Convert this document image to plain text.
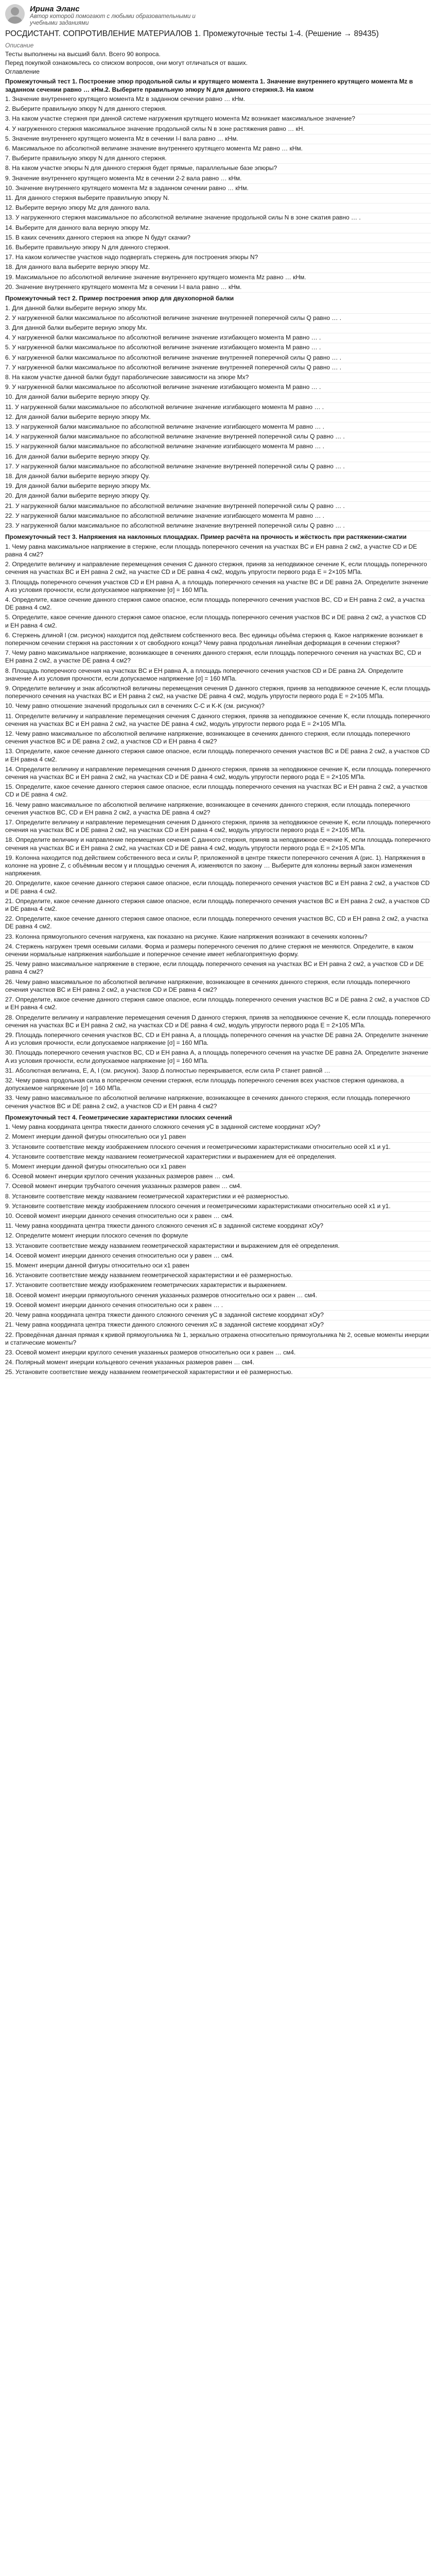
Ирина Эланс
Автор которой помогают с любыми образовательными и учебными заданиями
РОСДИСТАНТ. СОПРОТИВЛЕНИЕ МАТЕРИАЛОВ 1. Промежуточные тесты 1-4. (Решение → 89435)
Описание
Тесты выполнены на высший балл. Всего 90 вопроса.
Перед покупкой ознакомьтесь со списком вопросов, они могут отличаться от ваших.
Оглавление
Промежуточный тест 1. Построение эпюр продольной силы и крутящего момента 1. Значение внутреннего крутящего момента Mz в заданном сечении равно … кНм.2. Выберите правильную эпюру N для данного стержня.3. На каком
1 . Значение внутреннего крутящего момента Mz в заданном сечении равно … кНм.
2 . Выберите правильную эпюру N для данного стержня.
3 . На каком участке стержня при данной системе нагружения крутящего момента Mz возникает максимальное значение?
4 . У нагруженного стержня максимальное значение продольной силы N в зоне растяжения равно … кН.
5 . Значение внутреннего крутящего момента Mz в сечении I-I вала равно … кНм.
6 . Максимальное по абсолютной величине значение внутреннего крутящего момента Mz равно … кНм.
7 . Выберите правильную эпюру N для данного стержня.
8 . На каком участке эпюры N для данного стержня будет прямые, параллельные базе эпюры?
9 . Значение внутреннего крутящего момента Mz в сечении 2-2 вала равно … кНм.
10 . Значение внутреннего крутящего момента Mz в заданном сечении равно … кНм.
11 . Для данного стержня выберите правильную эпюру N.
12 . Выберите верную эпюру Mz для данного вала.
13 . У нагруженного стержня максимальное по абсолютной величине значение продольной силы N в зоне сжатия равно … .
14 . Выберите для данного вала верную эпюру Mz.
15 . В каких сечениях данного стержня на эпюре N будут скачки?
16 . Выберите правильную эпюру N для данного стержня.
17 . На каком количестве участков надо подвергать стержень для построения эпюры N?
18 . Для данного вала выберите верную эпюру Mz.
19 . Максимальное по абсолютной величине значение внутреннего крутящего момента Mz равно … кНм.
20 . Значение внутреннего крутящего момента Mz в сечении I-I вала равно … кНм.
Промежуточный тест 2. Пример построения эпюр для двухопорной балки
1 . Для данной балки выберите верную эпюру Mx.
2 . У нагруженной балки максимальное по абсолютной величине значение внутренней поперечной силы Q равно … .
3 . Для данной балки выберите верную эпюру Mx.
4 . У нагруженной балки максимальное по абсолютной величине значение изгибающего момента M равно … .
5 . У нагруженной балки максимальное по абсолютной величине значение изгибающего момента M равно … .
6 . У нагруженной балки максимальное по абсолютной величине значение внутренней поперечной силы Q равно … .
7 . У нагруженной балки максимальное по абсолютной величине значение внутренней поперечной силы Q равно … .
8 . На каком участке данной балки будут параболические зависимости на эпюре Mx?
9 . У нагруженной балки максимальное по абсолютной величине значение изгибающего момента M равно … .
10 . Для данной балки выберите верную эпюру Qy.
11 . У нагруженной балки максимальное по абсолютной величине значение изгибающего момента M равно … .
12 . Для данной балки выберите верную эпюру Mx.
13 . У нагруженной балки максимальное по абсолютной величине значение изгибающего момента M равно … .
14 . У нагруженной балки максимальное по абсолютной величине значение внутренней поперечной силы Q равно … .
15 . У нагруженной балки максимальное по абсолютной величине значение изгибающего момента M равно … .
16 . Для данной балки выберите верную эпюру Qy.
17 . У нагруженной балки максимальное по абсолютной величине значение внутренней поперечной силы Q равно … .
18 . Для данной балки выберите верную эпюру Qy.
19 . Для данной балки выберите верную эпюру Mx.
20 . Для данной балки выберите верную эпюру Qy.
21 . У нагруженной балки максимальное по абсолютной величине значение внутренней поперечной силы Q равно … .
22 . У нагруженной балки максимальное по абсолютной величине значение изгибающего момента M равно … .
23 . У нагруженной балки максимальное по абсолютной величине значение внутренней поперечной силы Q равно … .
Промежуточный тест 3. Напряжения на наклонных площадках. Пример расчёта на прочность и жёсткость при растяжении-сжатии
1 . Чему равна максимальное напряжение в стержне, если площадь поперечного сечения на участках BC и EH равна 2 см2, а участке CD и DE равна 4 см2?
2 . Определите величину и направление перемещения сечения C данного стержня, приняв за неподвижное сечение K, если площадь поперечного сечения на участках BC и EH равна 2 см2, на участке CD и DE равна 4 см2, модуль упругости первого рода E = 2×105 МПа.
3 . Площадь поперечного сечения участков CD и EH равна A, а площадь поперечного сечения на участке BC и DE равна 2A. Определите значение A из условия прочности, если допускаемое напряжение [σ] = 160 МПа.
4 . Определите, какое сечение данного стержня самое опасное, если площадь поперечного сечения участков BC, CD и EH равна 2 см2, а участка DE равна 4 см2.
5 . Определите, какое сечение данного стержня самое опасное, если площадь поперечного сечения участков BC и DE равна 2 см2, а участков CD и EH равна 4 см2.
6 . Стержень длиной l (см. рисунок) находится под действием собственного веса. Вес единицы объёма стержня q. Какое напряжение возникает в поперечном сечении стержня на расстоянии x от свободного конца? Чему равна продольная линейная деформация в сечении стержня?
7 . Чему равно максимальное напряжение, возникающее в сечениях данного стержня, если площадь поперечного сечения на участках BC, CD и EH равна 2 см2, а участке DE равна 4 см2?
8 . Площадь поперечного сечения на участках BC и EH равна A, а площадь поперечного сечения участков CD и DE равна 2A. Определите значение A из условия прочности, если допускаемое напряжение [σ] = 160 МПа.
9 . Определите величину и знак абсолютной величины перемещения сечения D данного стержня, приняв за неподвижное сечение K, если площадь поперечного сечения на участках BC и EH равна 2 см2, на участке DE равна 4 см2, модуль упругости первого рода E = 2×105 МПа.
10 . Чему равно отношение значений продольных сил в сечениях C-C и K-K (см. рисунок)?
11 . Определите величину и направление перемещения сечения C данного стержня, приняв за неподвижное сечение K, если площадь поперечного сечения на участках BC и EH равна 2 см2, на участке DE равна 4 см2, модуль упругости первого рода E = 2×105 МПа.
12 . Чему равно максимальное по абсолютной величине напряжение, возникающее в сечениях данного стержня, если площадь поперечного сечения участков BC и DE равна 2 см2, а участков CD и EH равна 4 см2?
13 . Определите, какое сечение данного стержня самое опасное, если площадь поперечного сечения участков BC и DE равна 2 см2, а участков CD и EH равна 4 см2.
14 . Определите величину и направление перемещения сечения D данного стержня, приняв за неподвижное сечение K, если площадь поперечного сечения на участках BC и EH равна 2 см2, на участках CD и DE равна 4 см2, модуль упругости первого рода E = 2×105 МПа.
15 . Определите, какое сечение данного стержня самое опасное, если площадь поперечного сечения на участках BC и EH равна 2 см2, а участков CD и DE равна 4 см2.
16 . Чему равно максимальное по абсолютной величине напряжение, возникающее в сечениях данного стержня, если площадь поперечного сечения участков BC, CD и EH равна 2 см2, а участка DE равна 4 см2?
17 . Определите величину и направление перемещения сечения D данного стержня, приняв за неподвижное сечение K, если площадь поперечного сечения на участках BC и DE равна 2 см2, на участках CD и EH равна 4 см2, модуль упругости первого рода E = 2×105 МПа.
18 . Определите величину и направление перемещения сечения C данного стержня, приняв за неподвижное сечение K, если площадь поперечного сечения на участках BC и EH равна 2 см2, на участках CD и DE равна 4 см2, модуль упругости первого рода E = 2×105 МПа.
19 . Колонна находится под действием собственного веса и силы P, приложенной в центре тяжести поперечного сечения A (рис. 1). Напряжения в колонне на уровне Z, с объёмным весом γ и площадью сечения A, изменяются по закону … Выберите для колонны верный закон изменения напряжения.
20 . Определите, какое сечение данного стержня самое опасное, если площадь поперечного сечения участков BC и EH равна 2 см2, а участков CD и DE равна 4 см2.
21 . Определите, какое сечение данного стержня самое опасное, если площадь поперечного сечения участков BC и EH равна 2 см2, а участков CD и DE равна 4 см2.
22 . Определите, какое сечение данного стержня самое опасное, если площадь поперечного сечения участков BC, CD и EH равна 2 см2, а участка DE равна 4 см2.
23 . Колонна прямоугольного сечения нагружена, как показано на рисунке. Какие напряжения возникают в сечениях колонны?
24 . Стержень нагружен тремя осевыми силами. Форма и размеры поперечного сечения по длине стержня не меняются. Определите, в каком сечении нормальные напряжения наибольшие и поперечное сечение имеет неблагоприятную форму.
25 . Чему равно максимальное напряжение в стержне, если площадь поперечного сечения на участках BC и EH равна 2 см2, а участков CD и DE равна 4 см2?
26 . Чему равно максимальное по абсолютной величине напряжение, возникающее в сечениях данного стержня, если площадь поперечного сечения участков BC и EH равна 2 см2, а участков CD и DE равна 4 см2?
27 . Определите, какое сечение данного стержня самое опасное, если площадь поперечного сечения участков BC и DE равна 2 см2, а участков CD и EH равна 4 см2.
28 . Определите величину и направление перемещения сечения D данного стержня, приняв за неподвижное сечение K, если площадь поперечного сечения на участках BC и EH равна 2 см2, на участках CD и DE равна 4 см2, модуль упругости первого рода E = 2×105 МПа.
29 . Площадь поперечного сечения участков BC, CD и EH равна A, а площадь поперечного сечения на участке DE равна 2A. Определите значение A из условия прочности, если допускаемое напряжение [σ] = 160 МПа.
30 . Площадь поперечного сечения участков BC, CD и EH равна A, а площадь поперечного сечения на участке DE равна 2A. Определите значение A из условия прочности, если допускаемое напряжение [σ] = 160 МПа.
31 . Абсолютная величина, Е, А, l (см. рисунок). Зазор Δ полностью перекрывается, если сила P станет равной …
32 . Чему равна продольная сила в поперечном сечении стержня, если площадь поперечного сечения всех участков стержня одинакова, а допускаемое напряжение [σ] = 160 МПа.
33 . Чему равно максимальное по абсолютной величине напряжение, возникающее в сечениях данного стержня, если площадь поперечного сечения участков BC и DE равна 2 см2, а участков CD и EH равна 4 см2?
Промежуточный тест 4. Геометрические характеристики плоских сечений
1 . Чему равна координата центра тяжести данного сложного сечения yC в заданной системе координат xOy?
2 . Момент инерции данной фигуры относительно оси y1 равен
3 . Установите соответствие между изображением плоского сечения и геометрическими характеристиками относительно осей x1 и y1.
4 . Установите соответствие между названием геометрической характеристики и выражением для её определения.
5 . Момент инерции данной фигуры относительно оси x1 равен
6 . Осевой момент инерции круглого сечения указанных размеров равен … см4.
7 . Осевой момент инерции трубчатого сечения указанных размеров равен … см4.
8 . Установите соответствие между названием геометрической характеристики и её размерностью.
9 . Установите соответствие между изображением плоского сечения и геометрическими характеристиками относительно осей x1 и y1.
10 . Осевой момент инерции данного сечения относительно оси x равен … см4.
11 . Чему равна координата центра тяжести данного сложного сечения xC в заданной системе координат xOy?
12 . Определите момент инерции плоского сечения по формуле
13 . Установите соответствие между названием геометрической характеристики и выражением для её определения.
14 . Осевой момент инерции данного сечения относительно оси y равен … см4.
15 . Момент инерции данной фигуры относительно оси x1 равен
16 . Установите соответствие между названием геометрической характеристики и её размерностью.
17 . Установите соответствие между изображением геометрических характеристик и выражением.
18 . Осевой момент инерции прямоугольного сечения указанных размеров относительно оси x равен … см4.
19 . Осевой момент инерции данного сечения относительно оси x равен … .
20 . Чему равна координата центра тяжести данного сложного сечения yC в заданной системе координат xOy?
21 . Чему равна координата центра тяжести данного сложного сечения xC в заданной системе координат xOy?
22 . Проведённая данная прямая к кривой прямоугольника № 1, зеркально отражена относительно прямоугольника № 2, осевые моменты инерции и статические моменты?
23 . Осевой момент инерции круглого сечения указанных размеров относительно оси x равен … см4.
24 . Полярный момент инерции кольцевого сечения указанных размеров равен … см4.
25 . Установите соответствие между названием геометрической характеристики и её размерностью.
